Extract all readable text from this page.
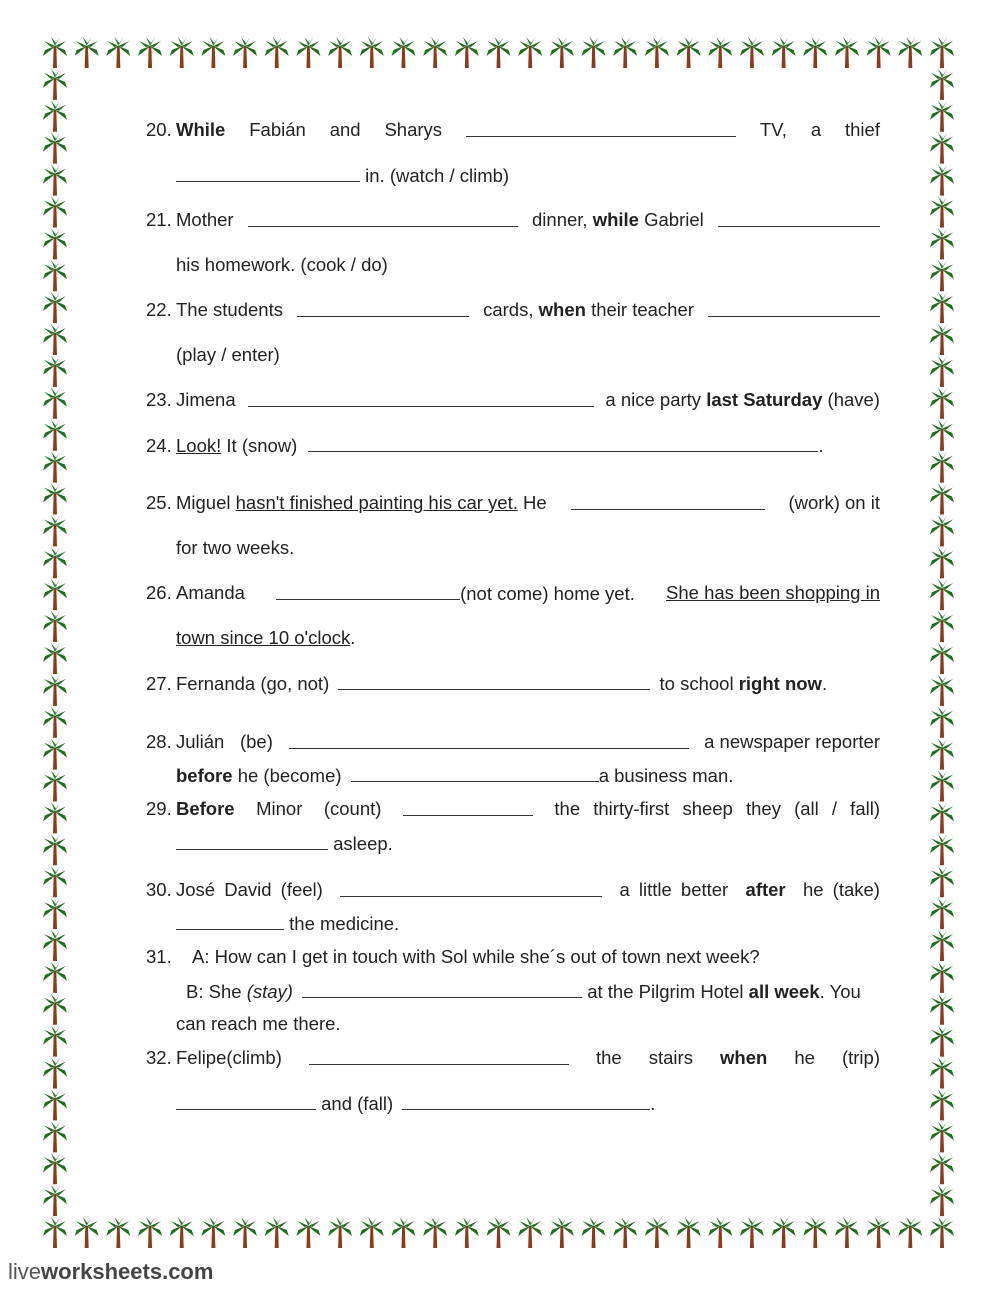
20. While Fabián and Sharys	TV, a thief
in. (watch / climb)
21. Mother	dinner, while Gabriel
his homework. (cook / do)
22. The students	cards, when their teacher
(play / enter)
23. Jimena	a nice party last Saturday (have)
24. Look! It (snow)	.
25. Miguel hasn't finished painting his car yet. He	(work) on it
for two weeks.
26. Amanda	(not come) home yet. She has been shopping in
town since 10 o'clock.
27. Fernanda (go, not)	to school right now.
28. Julián (be)	a newspaper reporter
before he (become)	a business man.
29. Before Minor (count)	the thirty-first sheep they (all / fall)
asleep.
30. José David (feel)	a little better after he (take)
the medicine.
31. A: How can I get in touch with Sol while she´s out of town next week?
B: She (stay)	at the Pilgrim Hotel all week. You
can reach me there.
32. Felipe(climb)	the stairs when he (trip)
and (fall)	.
liveworksheets.com
